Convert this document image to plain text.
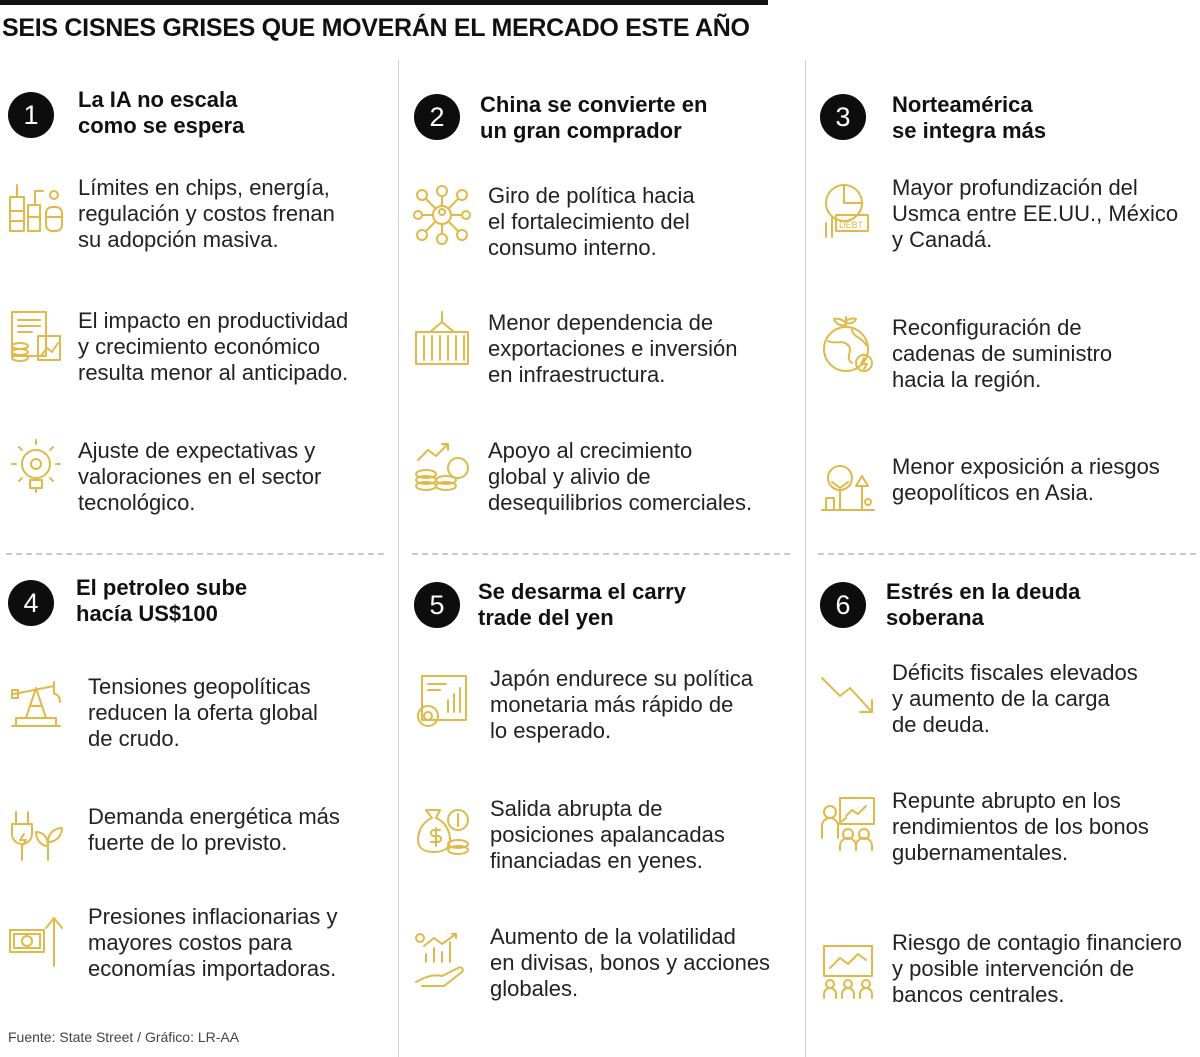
SEIS CISNES GRISES QUE MOVERÁN EL MERCADO ESTE AÑO
1
La IA no escala
como se espera
Límites en chips, energía,
regulación y costos frenan
su adopción masiva.
El impacto en productividad
y crecimiento económico
resulta menor al anticipado.
Ajuste de expectativas y
valoraciones en el sector
tecnológico.
2	China se convierte en
un gran comprador
Giro de política hacia
el fortalecimiento del
consumo interno.
Menor dependencia de
exportaciones e inversión
en infraestructura.
Apoyo al crecimiento
global y alivio de
desequilibrios comerciales.
3	Norteamérica
se integra más
DEBT
Mayor profundización del
Usmca entre EE.UU., México
y Canadá.
Reconfiguración de
cadenas de suministro
hacia la región.
Menor exposición a riesgos
geopolíticos en Asia.
4
El petroleo sube
hacía US$100
Tensiones geopolíticas
reducen la oferta global
de crudo.
Demanda energética más
fuerte de lo previsto.
Presiones inflacionarias y
mayores costos para
economías importadoras.
5	Se desarma el carry
trade del yen
Japón endurece su política
monetaria más rápido de
lo esperado.
Salida abrupta de
posiciones apalancadas
financiadas en yenes.
Aumento de la volatilidad
en divisas, bonos y acciones
globales.
6	Estrés en la deuda
soberana
Déficits fiscales elevados
y aumento de la carga
de deuda.
Repunte abrupto en los
rendimientos de los bonos
gubernamentales.
Riesgo de contagio financiero
y posible intervención de
bancos centrales.
Fuente: State Street / Gráfico: LR-AA
